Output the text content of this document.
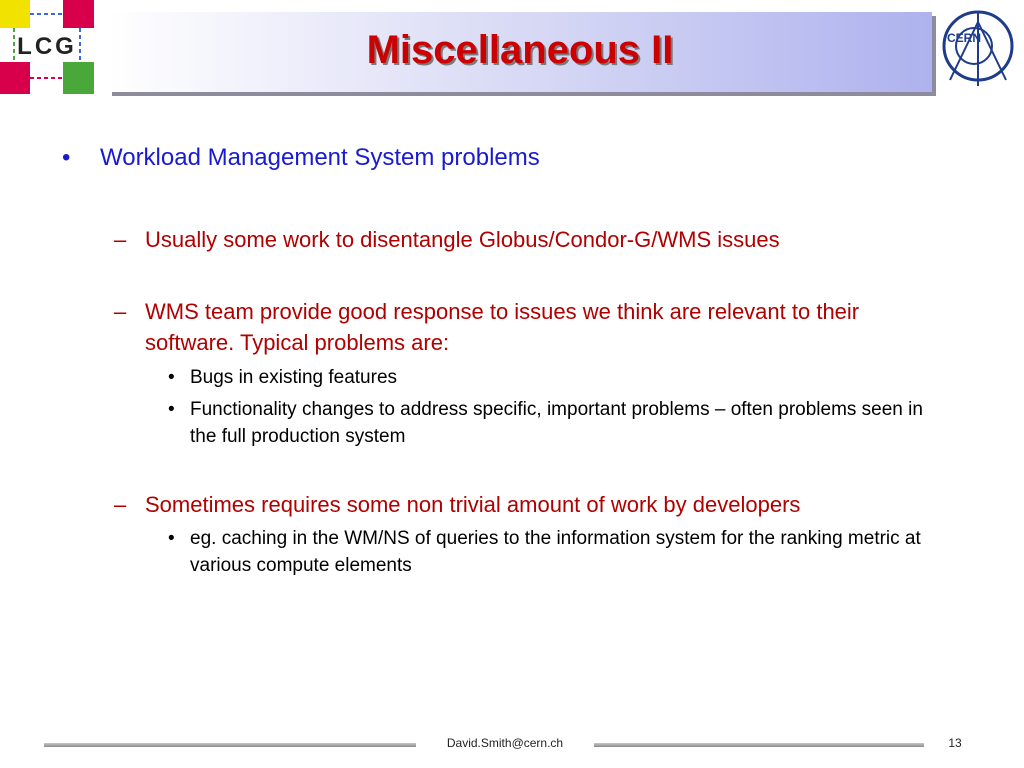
LCG	Miscellaneous II	CERN
• Workload Management System problems

– Usually some work to disentangle Globus/Condor-G/WMS issues

– WMS team provide good response to issues we think are relevant to their software. Typical problems are:

• Bugs in existing features

• Functionality changes to address specific, important problems – often problems seen in the full production system

– Sometimes requires some non trivial amount of work by developers

• eg. caching in the WM/NS of queries to the information system for the ranking metric at various compute elements

David.Smith@cern.ch	13
